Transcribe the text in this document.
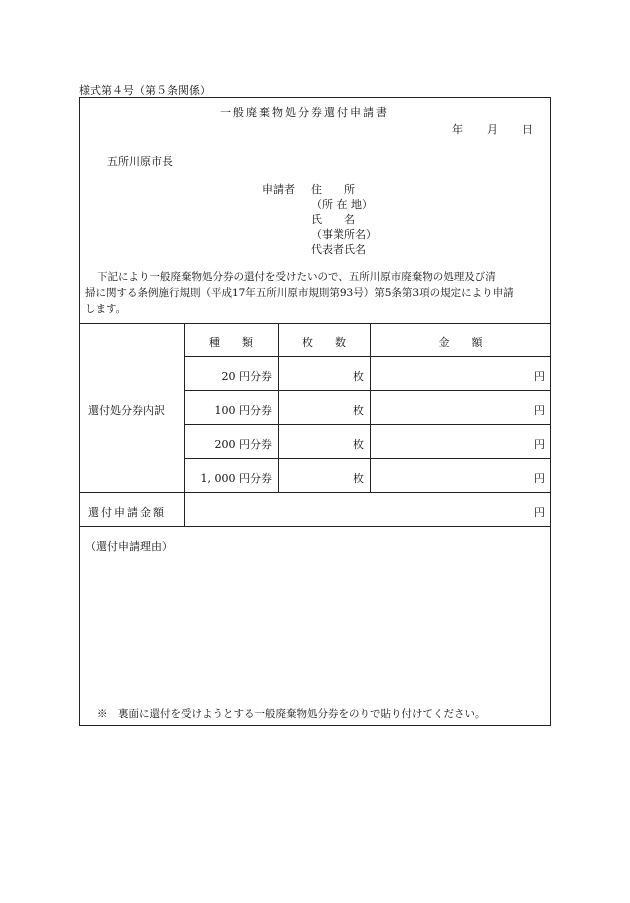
様式第４号（第５条関係）
一般廃棄物処分券還付申請書
年 月 日
五所川原市長
申請者 住　　所
（所 在 地）
氏　　名
（事業所名）
代表者氏名
下記により一般廃棄物処分券の還付を受けたいので、五所川原市廃棄物の処理及び清
掃に関する条例施行規則（平成17年五所川原市規則第93号）第5条第3項の規定により申請
します。
種　　類	枚　　数	金　　額
還付処分券内訳
20 円分券	枚	円
100 円分券	枚	円
200 円分券	枚	円
1, 000 円分券	枚	円
還付申請金額	円
（還付申請理由）
※　裏面に還付を受けようとする一般廃棄物処分券をのりで貼り付けてください。
